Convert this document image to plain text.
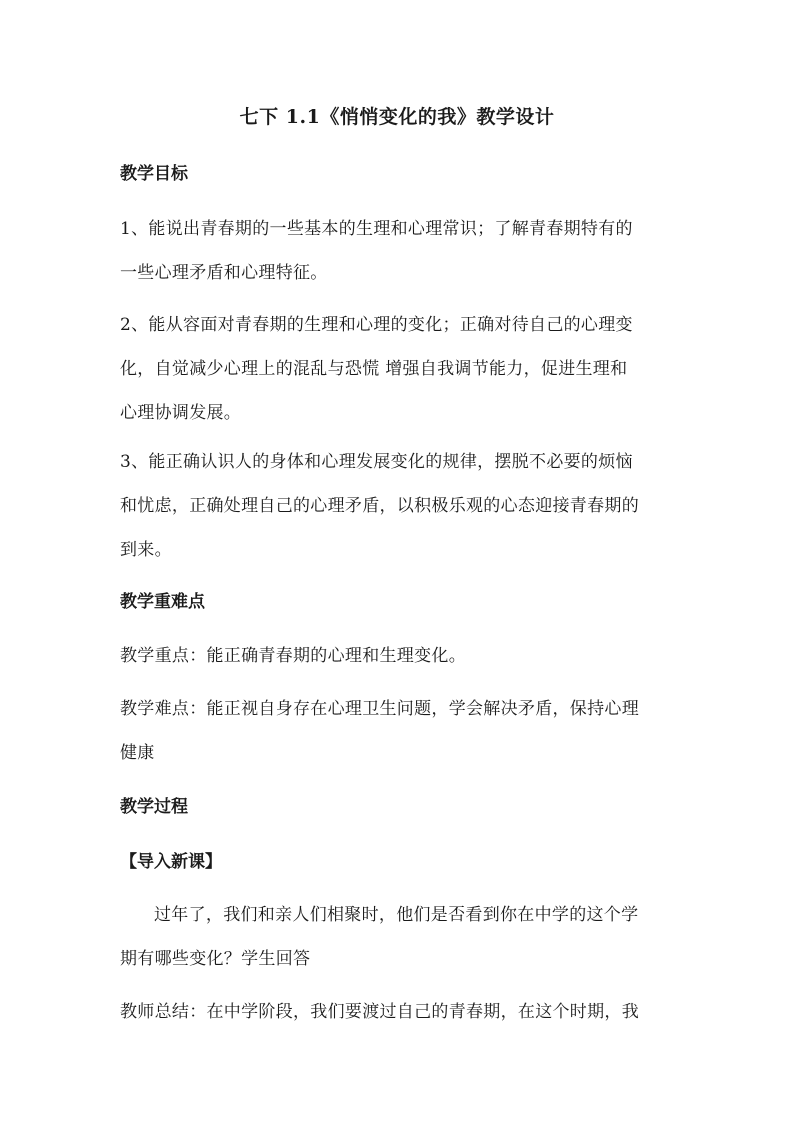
七下 1.1《悄悄变化的我》教学设计
教学目标
1、能说出青春期的一些基本的生理和心理常识；了解青春期特有的
一些心理矛盾和心理特征。
2、能从容面对青春期的生理和心理的变化；正确对待自己的心理变
化，自觉减少心理上的混乱与恐慌 增强自我调节能力，促进生理和
心理协调发展。
3、能正确认识人的身体和心理发展变化的规律，摆脱不必要的烦恼
和忧虑，正确处理自己的心理矛盾，以积极乐观的心态迎接青春期的
到来。
教学重难点
教学重点：能正确青春期的心理和生理变化。
教学难点：能正视自身存在心理卫生问题，学会解决矛盾，保持心理
健康
教学过程
【导入新课】
过年了，我们和亲人们相聚时，他们是否看到你在中学的这个学
期有哪些变化？学生回答
教师总结：在中学阶段，我们要渡过自己的青春期，在这个时期，我
